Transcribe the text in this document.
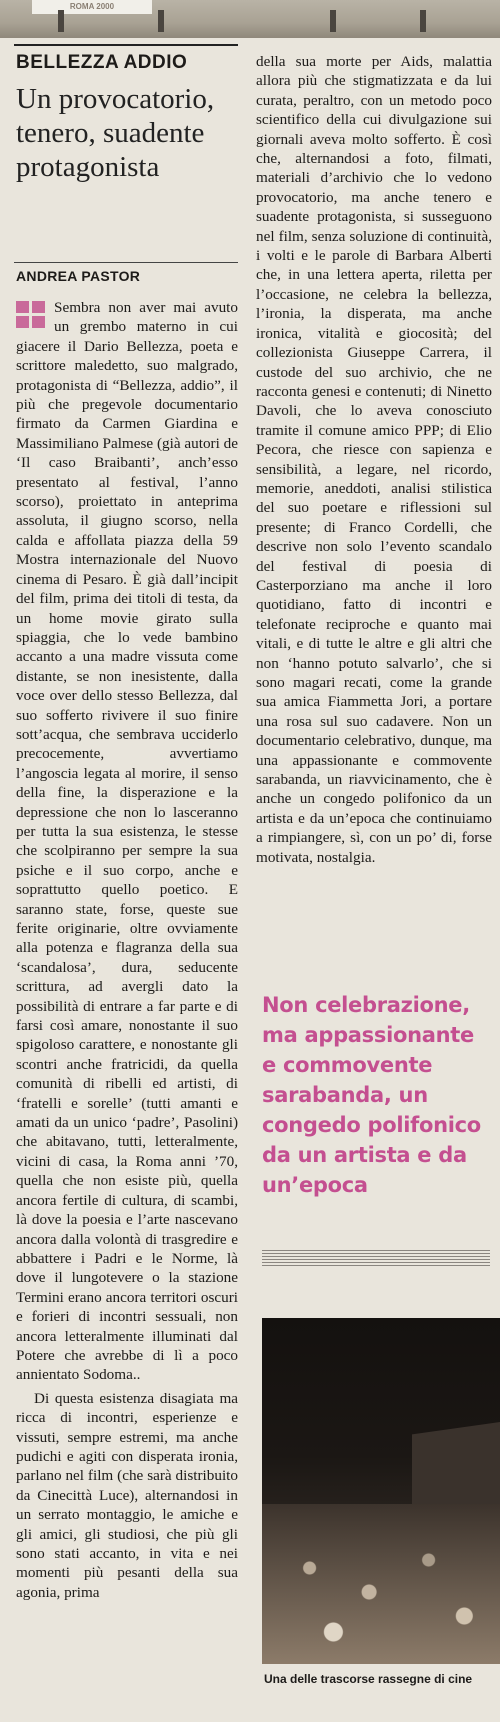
ROMA 2000
BELLEZZA ADDIO
Un provocatorio, tenero, suadente protagonista
ANDREA PASTOR

Sembra non aver mai avuto un grembo materno in cui giacere il Dario Bellezza, poeta e scrittore maledetto, suo malgrado, protagonista di “Bellezza, addio”, il più che pregevole documentario firmato da Carmen Giardina e Massimiliano Palmese (già autori de ‘Il caso Braibanti’, anch’esso presentato al festival, l’anno scorso), proiettato in anteprima assoluta, il giugno scorso, nella calda e affollata piazza della 59 Mostra internazionale del Nuovo cinema di Pesaro. È già dall’incipit del film, prima dei titoli di testa, da un home movie girato sulla spiaggia, che lo vede bambino accanto a una madre vissuta come distante, se non inesistente, dalla voce over dello stesso Bellezza, dal suo sofferto rivivere il suo finire sott’acqua, che sembrava ucciderlo precocemente, avvertiamo l’angoscia legata al morire, il senso della fine, la disperazione e la depressione che non lo lasceranno per tutta la sua esistenza, le stesse che scolpiranno per sempre la sua psiche e il suo corpo, anche e soprattutto quello poetico. E saranno state, forse, queste sue ferite originarie, oltre ovviamente alla potenza e flagranza della sua ‘scandalosa’, dura, seducente scrittura, ad avergli dato la possibilità di entrare a far parte e di farsi così amare, nonostante il suo spigoloso carattere, e nonostante gli scontri anche fratricidi, da quella comunità di ribelli ed artisti, di ‘fratelli e sorelle’ (tutti amanti e amati da un unico ‘padre’, Pasolini) che abitavano, tutti, letteralmente, vicini di casa, la Roma anni ’70, quella che non esiste più, quella ancora fertile di cultura, di scambi, là dove la poesia e l’arte nascevano ancora dalla volontà di trasgredire e abbattere i Padri e le Norme, là dove il lungotevere o la stazione Termini erano ancora territori oscuri e forieri di incontri sessuali, non ancora letteralmente illuminati dal Potere che avrebbe di lì a poco annientato Sodoma..

Di questa esistenza disagiata ma ricca di incontri, esperienze e vissuti, sempre estremi, ma anche pudichi e agiti con disperata ironia, parlano nel film (che sarà distribuito da Cinecittà Luce), alternandosi in un serrato montaggio, le amiche e gli amici, gli studiosi, che più gli sono stati accanto, in vita e nei momenti più pesanti della sua agonia, prima

della sua morte per Aids, malattia allora più che stigmatizzata e da lui curata, peraltro, con un metodo poco scientifico della cui divulgazione sui giornali aveva molto sofferto. È così che, alternandosi a foto, filmati, materiali d’archivio che lo vedono provocatorio, ma anche tenero e suadente protagonista, si susseguono nel film, senza soluzione di continuità, i volti e le parole di Barbara Alberti che, in una lettera aperta, riletta per l’occasione, ne celebra la bellezza, l’ironia, la disperata, ma anche ironica, vitalità e giocosità; del collezionista Giuseppe Carrera, il custode del suo archivio, che ne racconta genesi e contenuti; di Ninetto Davoli, che lo aveva conosciuto tramite il comune amico PPP; di Elio Pecora, che riesce con sapienza e sensibilità, a legare, nel ricordo, memorie, aneddoti, analisi stilistica del suo poetare e riflessioni sul presente; di Franco Cordelli, che descrive non solo l’evento scandalo del festival di poesia di Casterporziano ma anche il loro quotidiano, fatto di incontri e telefonate reciproche e quanto mai vitali, e di tutte le altre e gli altri che non ‘hanno potuto salvarlo’, che si sono magari recati, come la grande sua amica Fiammetta Jori, a portare una rosa sul suo cadavere. Non un documentario celebrativo, dunque, ma una appassionante e commovente sarabanda, un riavvicinamento, che è anche un congedo polifonico da un artista e da un’epoca che continuiamo a rimpiangere, sì, con un po’ di, forse motivata, nostalgia.

Non celebrazione, ma appassionante e commovente sarabanda, un congedo polifonico da un artista e da un’epoca
Una delle trascorse rassegne di cine
